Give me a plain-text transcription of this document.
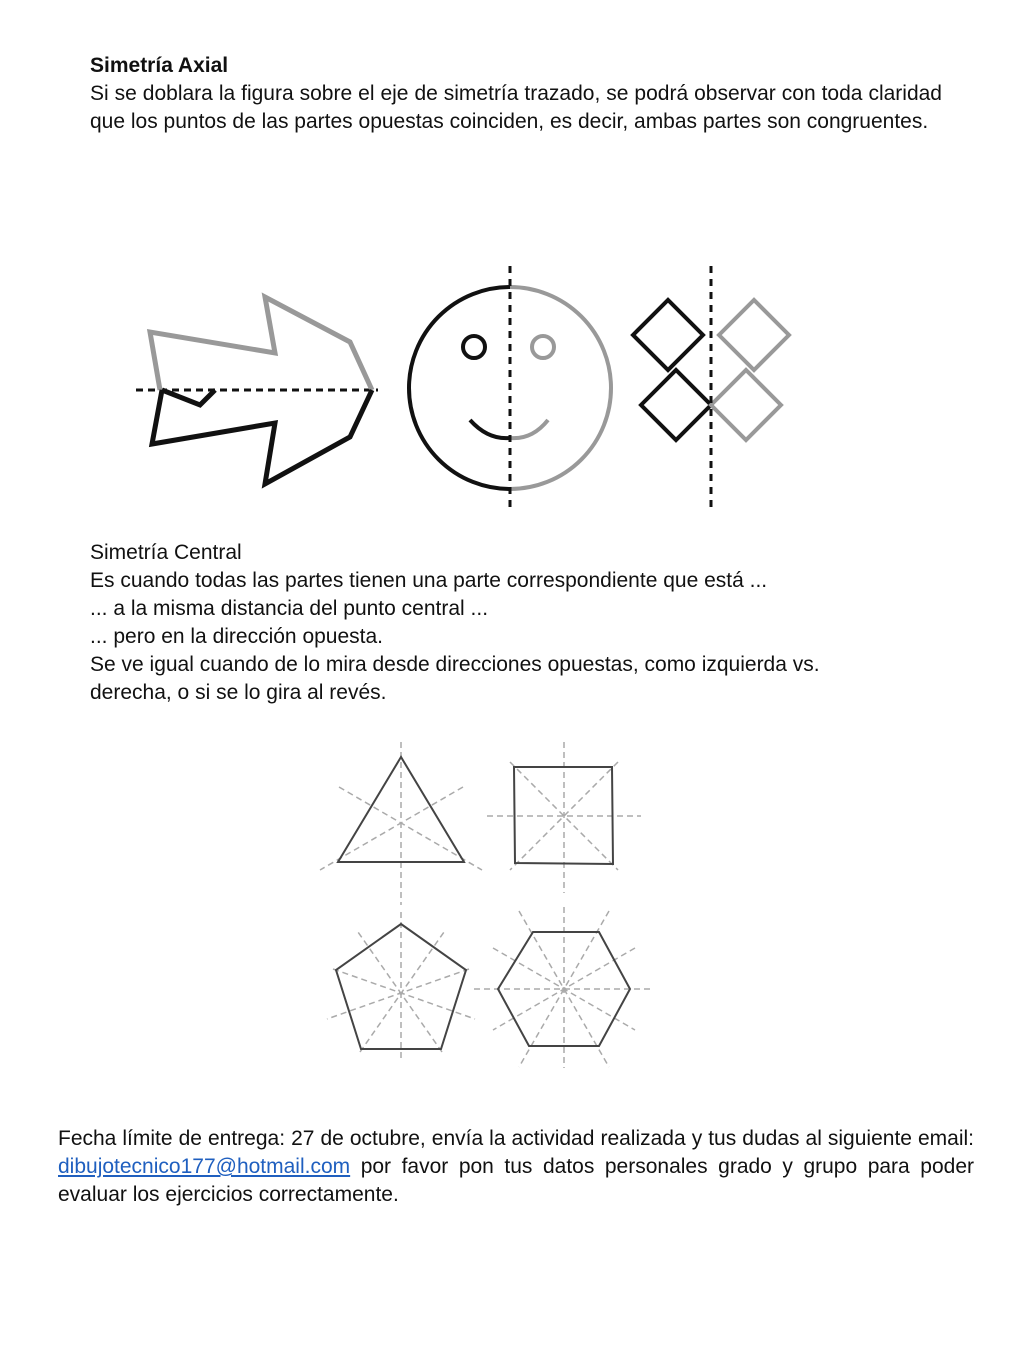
Simetría Axial
Si se doblara la figura sobre el eje de simetría trazado, se podrá observar con toda claridad que los puntos de las partes opuestas coinciden, es decir, ambas partes son congruentes.
Simetría Central
Es cuando todas las partes tienen una parte correspondiente que está ...
... a la misma distancia del punto central ...
... pero en la dirección opuesta.
Se ve igual cuando de lo mira desde direcciones opuestas, como izquierda vs.
derecha, o si se lo gira al revés.
Fecha límite de entrega: 27 de octubre, envía la actividad realizada y tus dudas al siguiente email: dibujotecnico177@hotmail.com por favor pon tus datos personales grado y grupo para poder evaluar los ejercicios correctamente.
